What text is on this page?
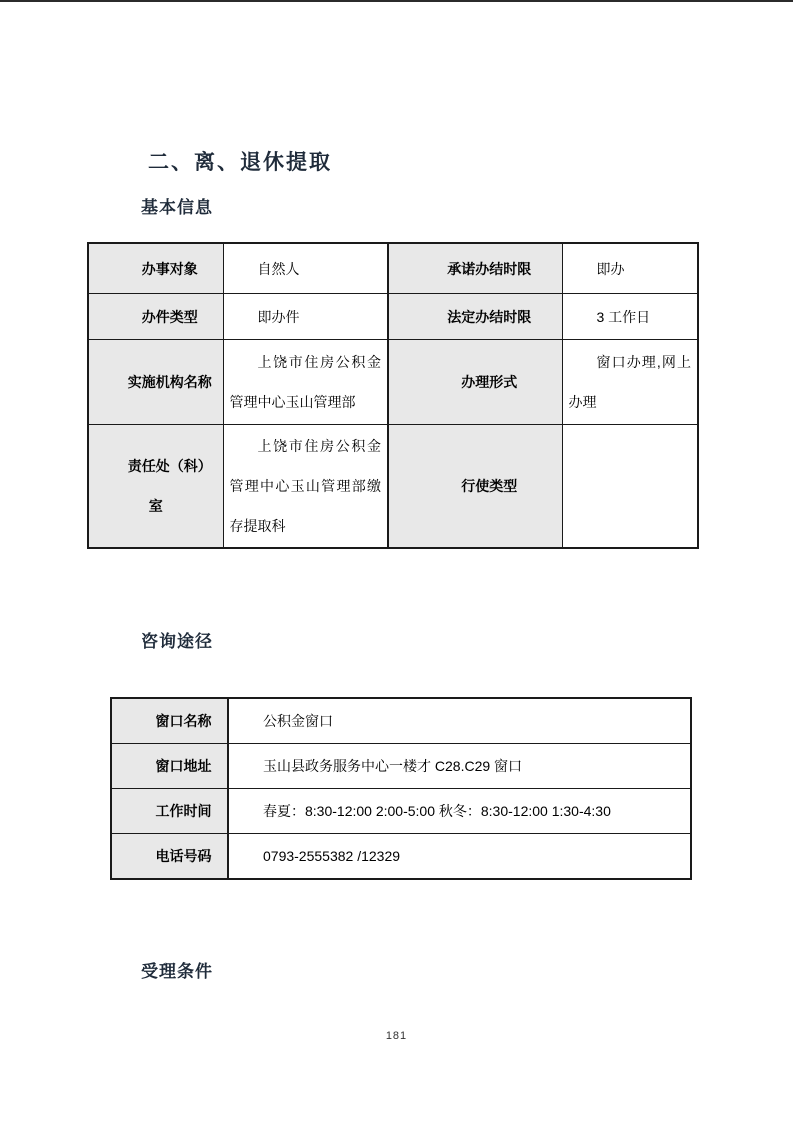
二、离、退休提取
基本信息
办事对象	自然人	承诺办结时限	即办
办件类型	即办件	法定办结时限	3 工作日
实施机构名称	上饶市住房公积金管理中心玉山管理部	办理形式	窗口办理,网上办理
责任处（科）室	上饶市住房公积金管理中心玉山管理部缴存提取科	行使类型	
咨询途径
窗口名称	公积金窗口
窗口地址	玉山县政务服务中心一楼才 C28.C29 窗口
工作时间	春夏：8:30-12:00 2:00-5:00 秋冬：8:30-12:00 1:30-4:30
电话号码	0793-2555382 /12329
受理条件
181
